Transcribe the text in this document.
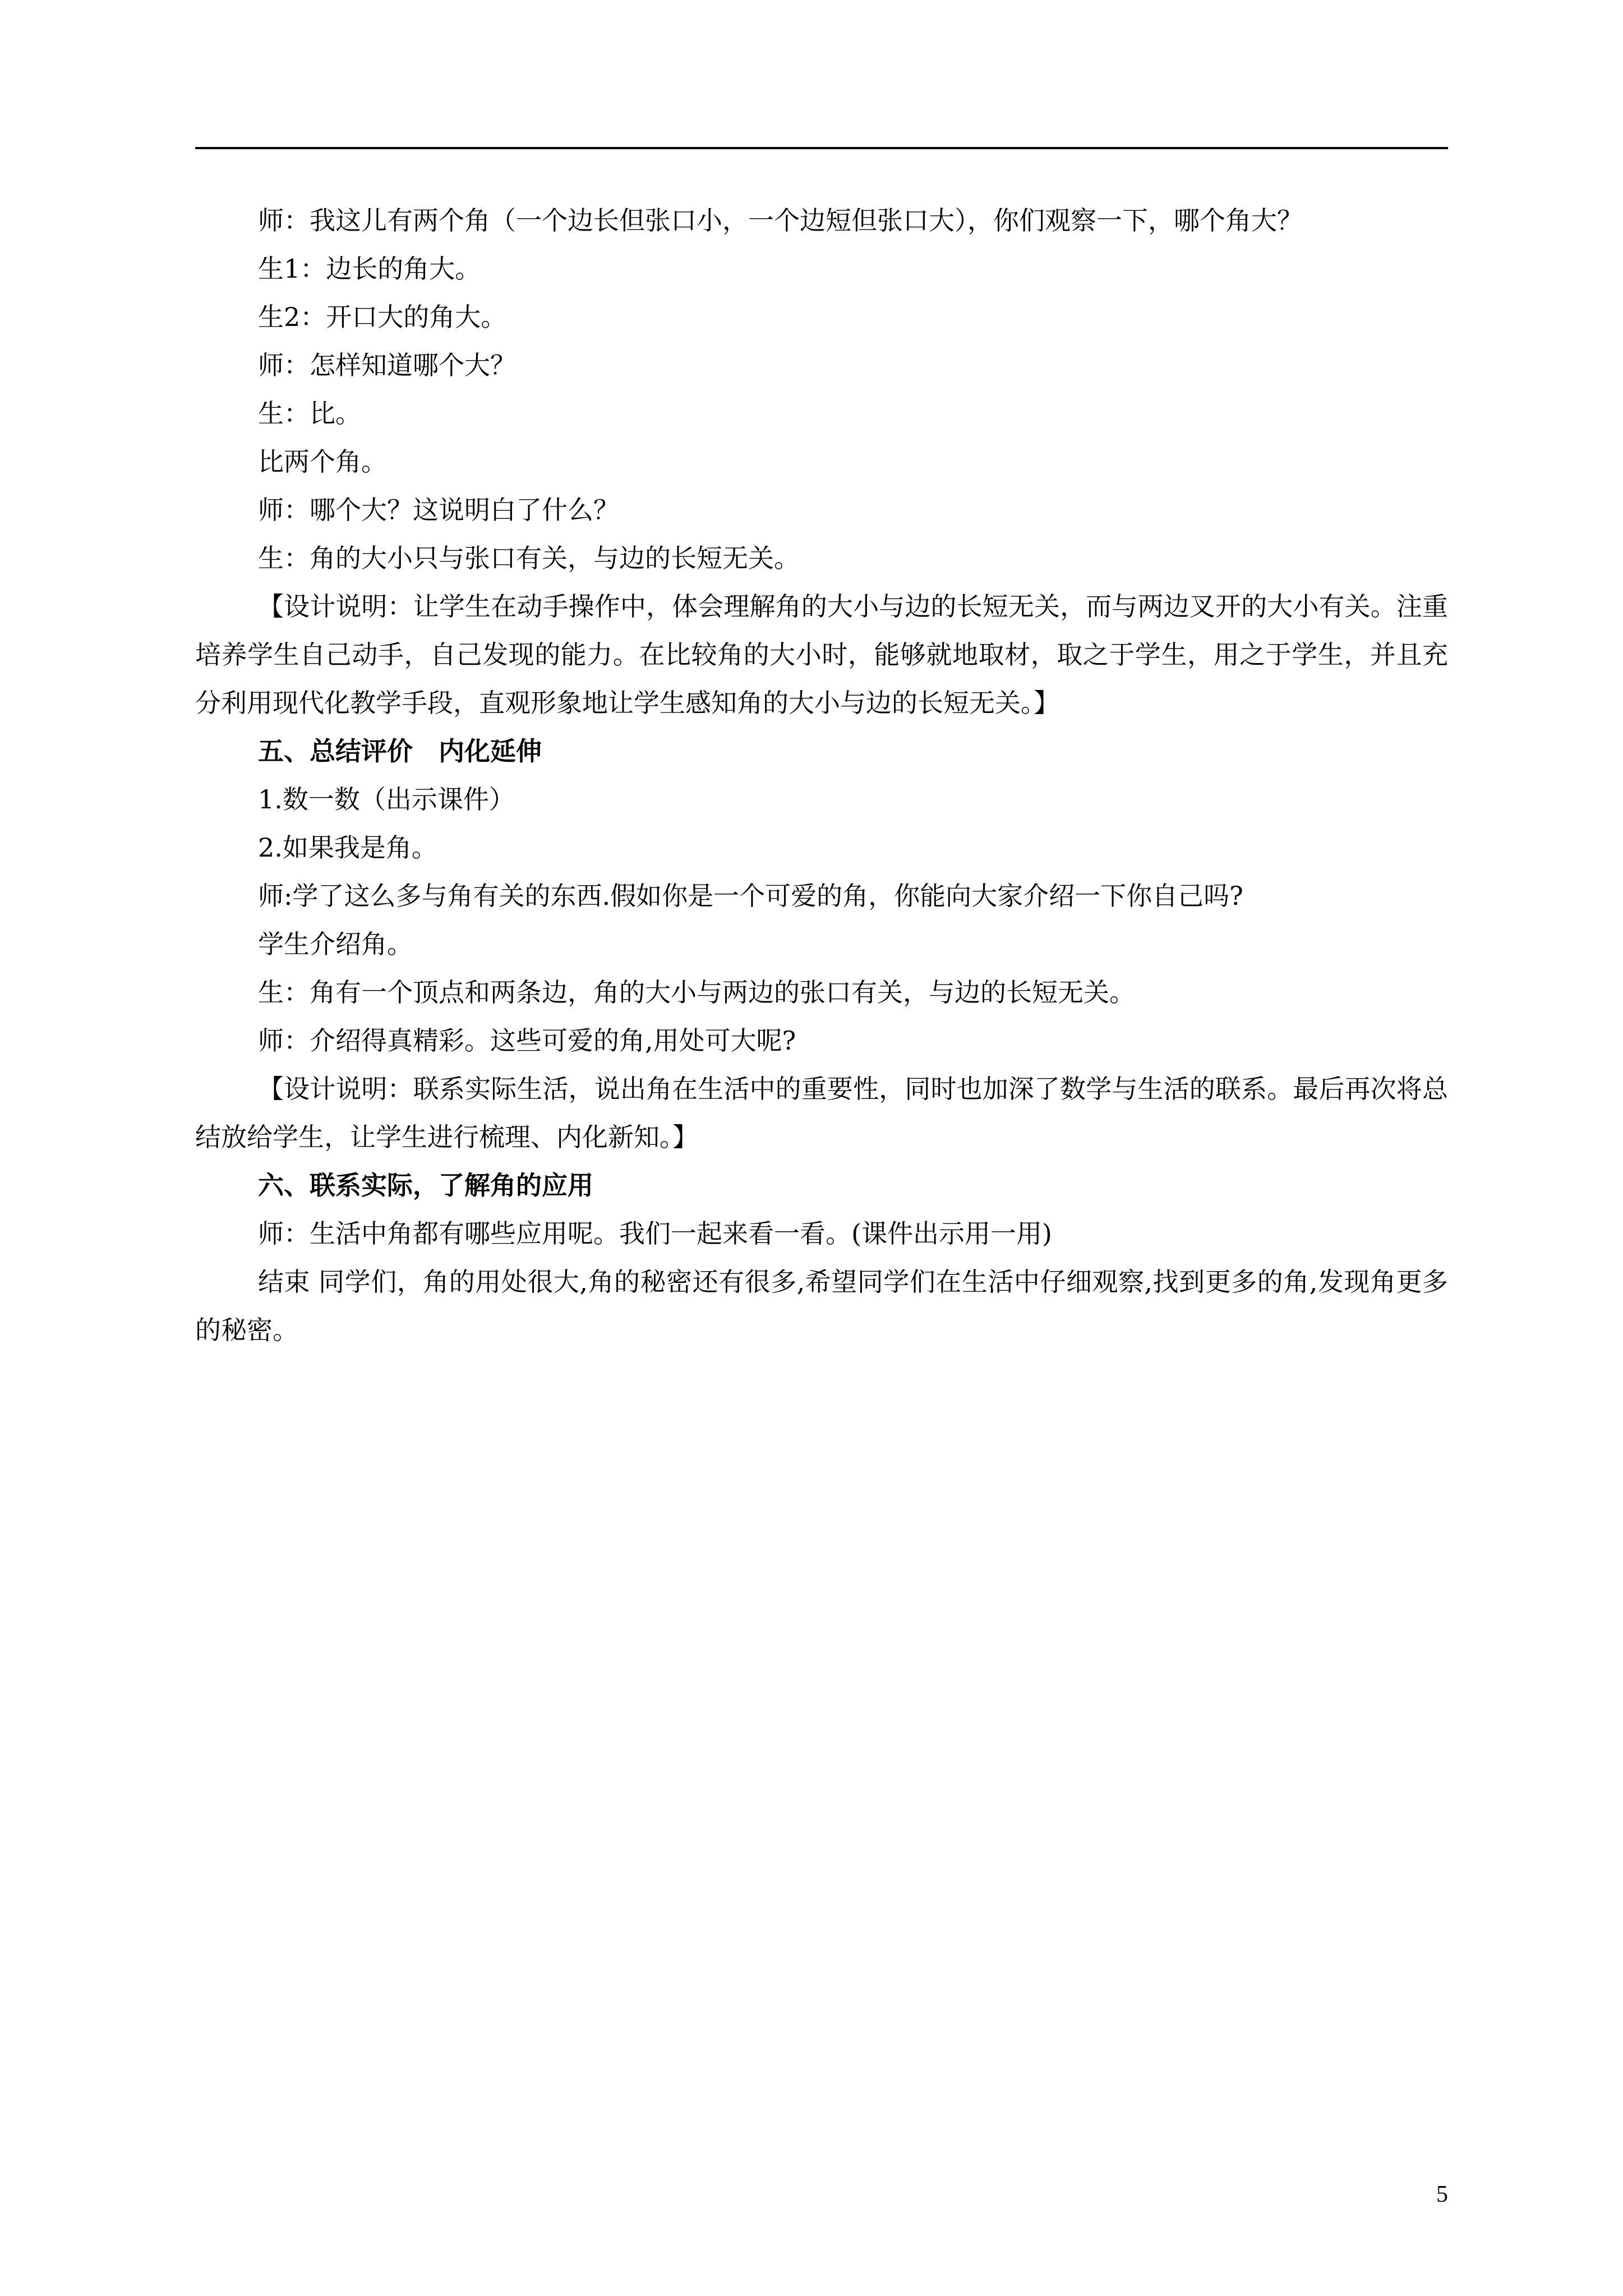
师：我这儿有两个角（一个边长但张口小，一个边短但张口大），你们观察一下，哪个角大？

生1：边长的角大。

生2：开口大的角大。

师：怎样知道哪个大？

生：比。

比两个角。

师：哪个大？这说明白了什么？

生：角的大小只与张口有关，与边的长短无关。

【设计说明：让学生在动手操作中，体会理解角的大小与边的长短无关，而与两边叉开的大小有关。注重培养学生自己动手，自己发现的能力。在比较角的大小时，能够就地取材，取之于学生，用之于学生，并且充分利用现代化教学手段，直观形象地让学生感知角的大小与边的长短无关。】

五、总结评价　内化延伸

1.数一数（出示课件）

2.如果我是角。

师:学了这么多与角有关的东西.假如你是一个可爱的角，你能向大家介绍一下你自己吗?

学生介绍角。

生：角有一个顶点和两条边，角的大小与两边的张口有关，与边的长短无关。

师：介绍得真精彩。这些可爱的角,用处可大呢?

【设计说明：联系实际生活，说出角在生活中的重要性，同时也加深了数学与生活的联系。最后再次将总结放给学生，让学生进行梳理、内化新知。】

六、联系实际，了解角的应用

师：生活中角都有哪些应用呢。我们一起来看一看。(课件出示用一用)

结束 同学们，角的用处很大,角的秘密还有很多,希望同学们在生活中仔细观察,找到更多的角,发现角更多的秘密。

5
